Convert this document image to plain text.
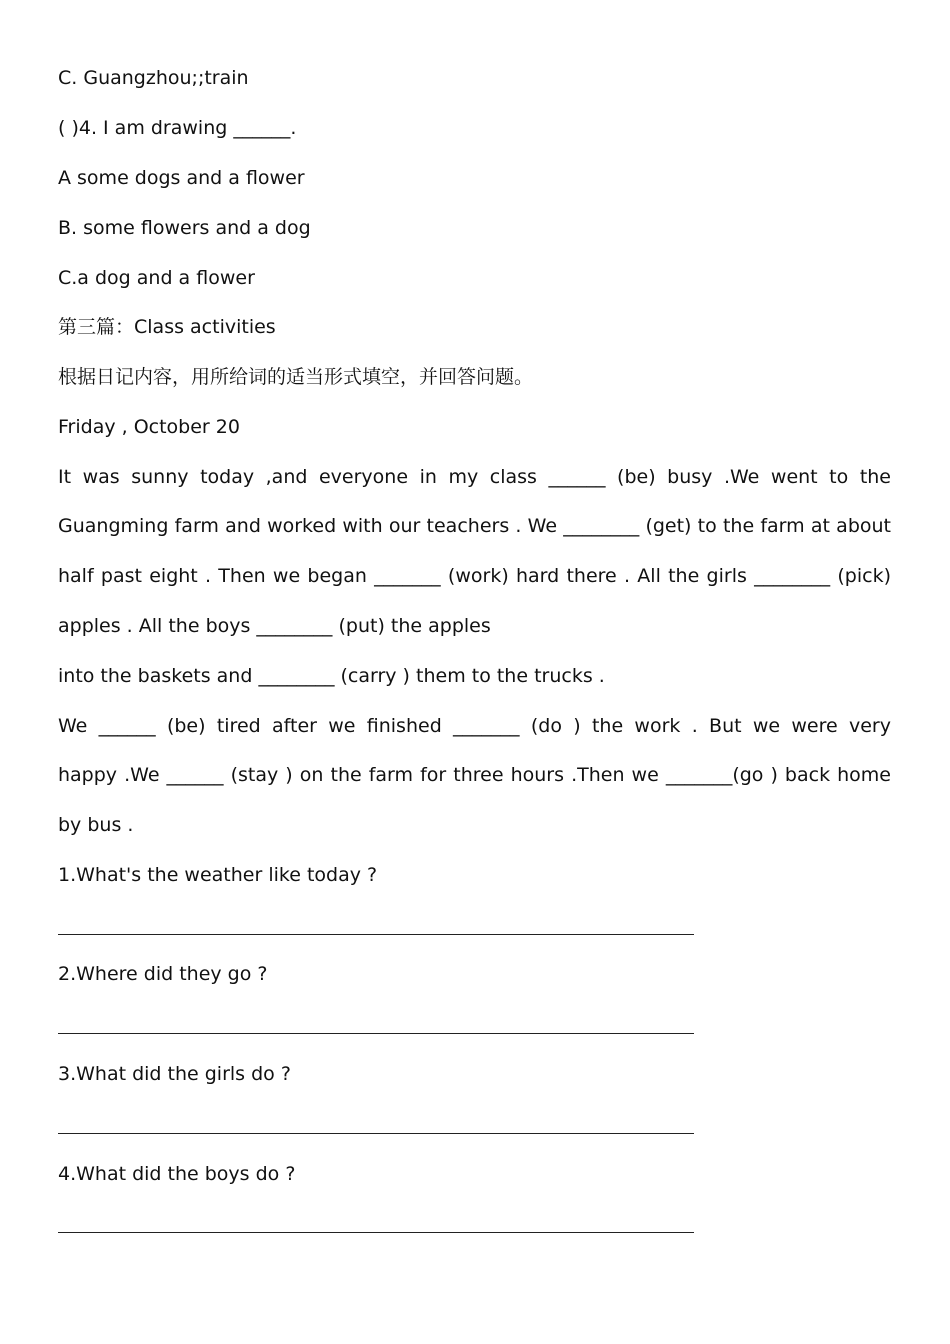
C. Guangzhou;;train
( )4. I am drawing ______.
A some dogs and a flower
B. some flowers and a dog
C.a dog and a flower
第三篇：Class activities
根据日记内容，用所给词的适当形式填空，并回答问题。
Friday , October 20
It was sunny today ,and everyone in my class ______ (be) busy .We went to the
Guangming farm and worked with our teachers . We ________ (get) to the farm at about
half past eight . Then we began _______ (work) hard there . All the girls ________ (pick)
apples . All the boys ________ (put) the apples
into the baskets and ________ (carry ) them to the trucks .
We ______ (be) tired after we finished _______ (do ) the work . But we were very
happy .We ______ (stay ) on the farm for three hours .Then we _______(go ) back home
by bus .
1.What's the weather like today ?
2.Where did they go ?
3.What did the girls do ?
4.What did the boys do ?
